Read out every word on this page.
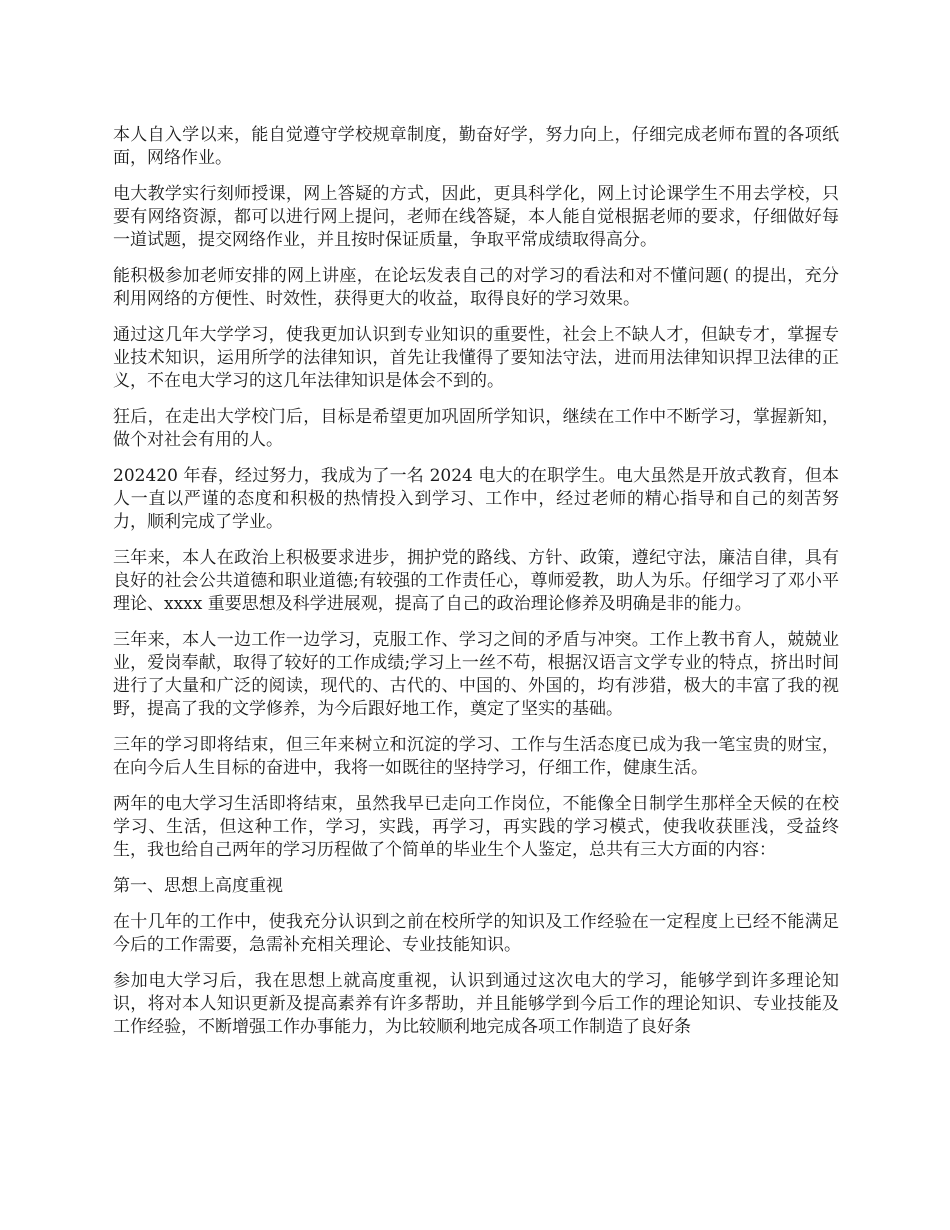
本人自入学以来，能自觉遵守学校规章制度，勤奋好学，努力向上，仔细完成老师布置的各项纸面，网络作业。

电大教学实行刻师授课，网上答疑的方式，因此，更具科学化，网上讨论课学生不用去学校，只要有网络资源，都可以进行网上提问，老师在线答疑，本人能自觉根据老师的要求，仔细做好每一道试题，提交网络作业，并且按时保证质量，争取平常成绩取得高分。

能积极参加老师安排的网上讲座，在论坛发表自己的对学习的看法和对不懂问题( 的提出，充分利用网络的方便性、时效性，获得更大的收益，取得良好的学习效果。

通过这几年大学学习，使我更加认识到专业知识的重要性，社会上不缺人才，但缺专才，掌握专业技术知识，运用所学的法律知识，首先让我懂得了要知法守法，进而用法律知识捍卫法律的正义，不在电大学习的这几年法律知识是体会不到的。

狂后，在走出大学校门后，目标是希望更加巩固所学知识，继续在工作中不断学习，掌握新知，做个对社会有用的人。

202420 年春，经过努力，我成为了一名 2024 电大的在职学生。电大虽然是开放式教育，但本人一直以严谨的态度和积极的热情投入到学习、工作中，经过老师的精心指导和自己的刻苦努力，顺利完成了学业。

三年来，本人在政治上积极要求进步，拥护党的路线、方针、政策，遵纪守法，廉洁自律，具有良好的社会公共道德和职业道德;有较强的工作责任心，尊师爱教，助人为乐。仔细学习了邓小平理论、xxxx 重要思想及科学进展观，提高了自己的政治理论修养及明确是非的能力。

三年来，本人一边工作一边学习，克服工作、学习之间的矛盾与冲突。工作上教书育人，兢兢业业，爱岗奉献，取得了较好的工作成绩;学习上一丝不苟，根据汉语言文学专业的特点，挤出时间进行了大量和广泛的阅读，现代的、古代的、中国的、外国的，均有涉猎，极大的丰富了我的视野，提高了我的文学修养，为今后跟好地工作，奠定了坚实的基础。

三年的学习即将结束，但三年来树立和沉淀的学习、工作与生活态度已成为我一笔宝贵的财宝，在向今后人生目标的奋进中，我将一如既往的坚持学习，仔细工作，健康生活。

两年的电大学习生活即将结束，虽然我早已走向工作岗位，不能像全日制学生那样全天候的在校学习、生活，但这种工作，学习，实践，再学习，再实践的学习模式，使我收获匪浅，受益终生，我也给自己两年的学习历程做了个简单的毕业生个人鉴定，总共有三大方面的内容：

第一、思想上高度重视

在十几年的工作中，使我充分认识到之前在校所学的知识及工作经验在一定程度上已经不能满足今后的工作需要，急需补充相关理论、专业技能知识。

参加电大学习后，我在思想上就高度重视，认识到通过这次电大的学习，能够学到许多理论知识，将对本人知识更新及提高素养有许多帮助，并且能够学到今后工作的理论知识、专业技能及工作经验，不断增强工作办事能力，为比较顺利地完成各项工作制造了良好条
